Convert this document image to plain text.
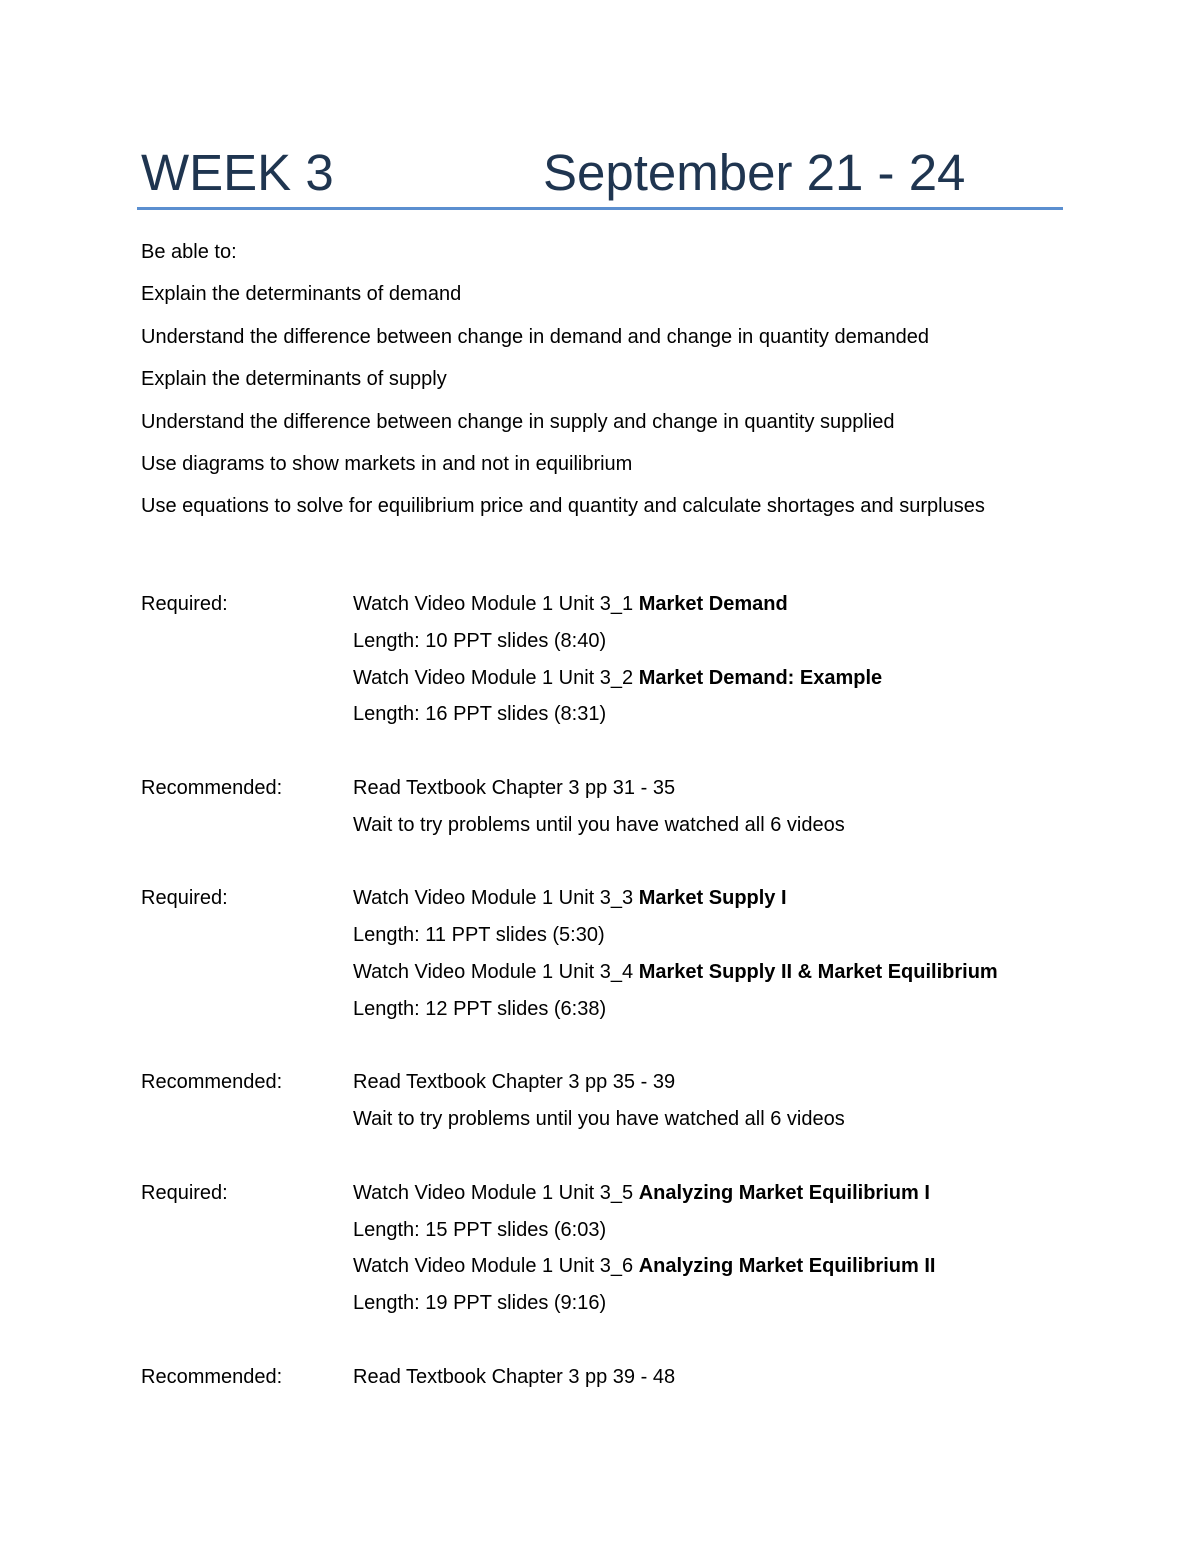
WEEK 3	September 21 - 24
Be able to:
Explain the determinants of demand
Understand the difference between change in demand and change in quantity demanded
Explain the determinants of supply
Understand the difference between change in supply and change in quantity supplied
Use diagrams to show markets in and not in equilibrium
Use equations to solve for equilibrium price and quantity and calculate shortages and surpluses
Required:	Watch Video Module 1 Unit 3_1 Market Demand
Length: 10 PPT slides (8:40)
Watch Video Module 1 Unit 3_2 Market Demand: Example
Length: 16 PPT slides (8:31)
Recommended:	Read Textbook Chapter 3 pp 31 - 35
Wait to try problems until you have watched all 6 videos
Required:	Watch Video Module 1 Unit 3_3 Market Supply I
Length: 11 PPT slides (5:30)
Watch Video Module 1 Unit 3_4 Market Supply II & Market Equilibrium
Length: 12 PPT slides (6:38)
Recommended:	Read Textbook Chapter 3 pp 35 - 39
Wait to try problems until you have watched all 6 videos
Required:	Watch Video Module 1 Unit 3_5 Analyzing Market Equilibrium I
Length: 15 PPT slides (6:03)
Watch Video Module 1 Unit 3_6 Analyzing Market Equilibrium II
Length: 19 PPT slides (9:16)
Recommended:	Read Textbook Chapter 3 pp 39 - 48
